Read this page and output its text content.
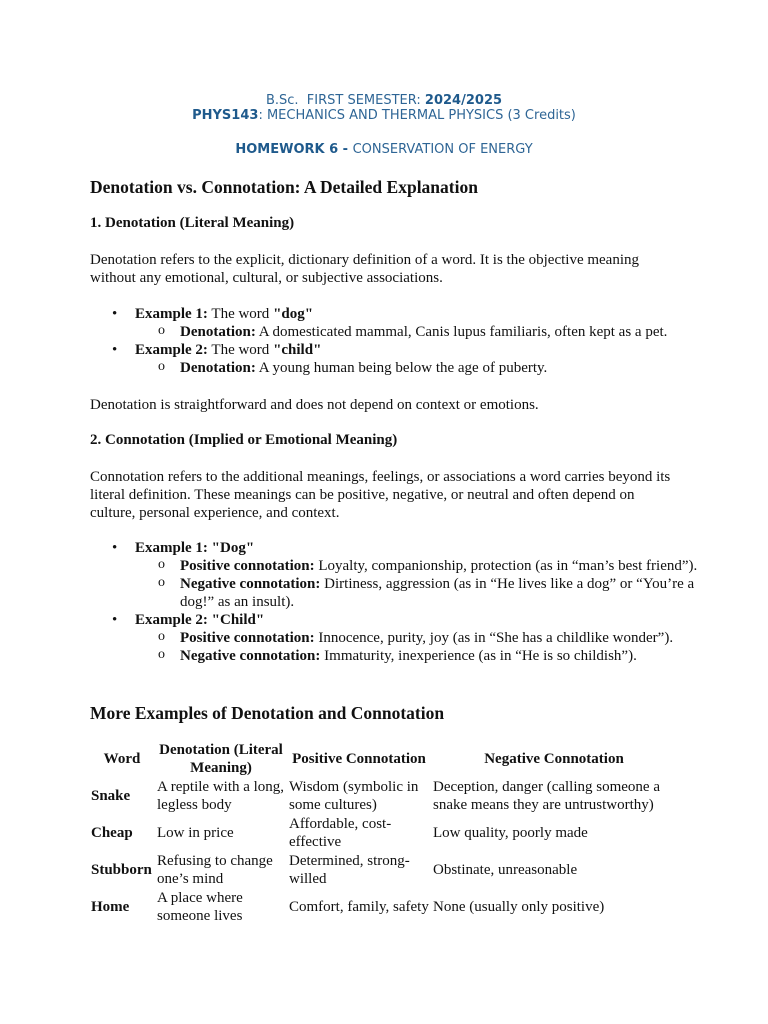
B.Sc.  FIRST SEMESTER: 2024/2025
PHYS143: MECHANICS AND THERMAL PHYSICS (3 Credits)
HOMEWORK 6 - CONSERVATION OF ENERGY
Denotation vs. Connotation: A Detailed Explanation
1. Denotation (Literal Meaning)
Denotation refers to the explicit, dictionary definition of a word. It is the objective meaning without any emotional, cultural, or subjective associations.
• Example 1: The word "dog"
o Denotation: A domesticated mammal, Canis lupus familiaris, often kept as a pet.
• Example 2: The word "child"
o Denotation: A young human being below the age of puberty.
Denotation is straightforward and does not depend on context or emotions.
2. Connotation (Implied or Emotional Meaning)
Connotation refers to the additional meanings, feelings, or associations a word carries beyond its literal definition. These meanings can be positive, negative, or neutral and often depend on culture, personal experience, and context.
• Example 1: "Dog"
o Positive connotation: Loyalty, companionship, protection (as in “man’s best friend”).
o Negative connotation: Dirtiness, aggression (as in “He lives like a dog” or “You’re a dog!” as an insult).
• Example 2: "Child"
o Positive connotation: Innocence, purity, joy (as in “She has a childlike wonder”).
o Negative connotation: Immaturity, inexperience (as in “He is so childish”).
More Examples of Denotation and Connotation
Word	Denotation (Literal Meaning)	Positive Connotation	Negative Connotation
Snake	A reptile with a long, legless body	Wisdom (symbolic in some cultures)	Deception, danger (calling someone a snake means they are untrustworthy)
Cheap	Low in price	Affordable, cost-effective	Low quality, poorly made
Stubborn	Refusing to change one’s mind	Determined, strong-willed	Obstinate, unreasonable
Home	A place where someone lives	Comfort, family, safety	None (usually only positive)
